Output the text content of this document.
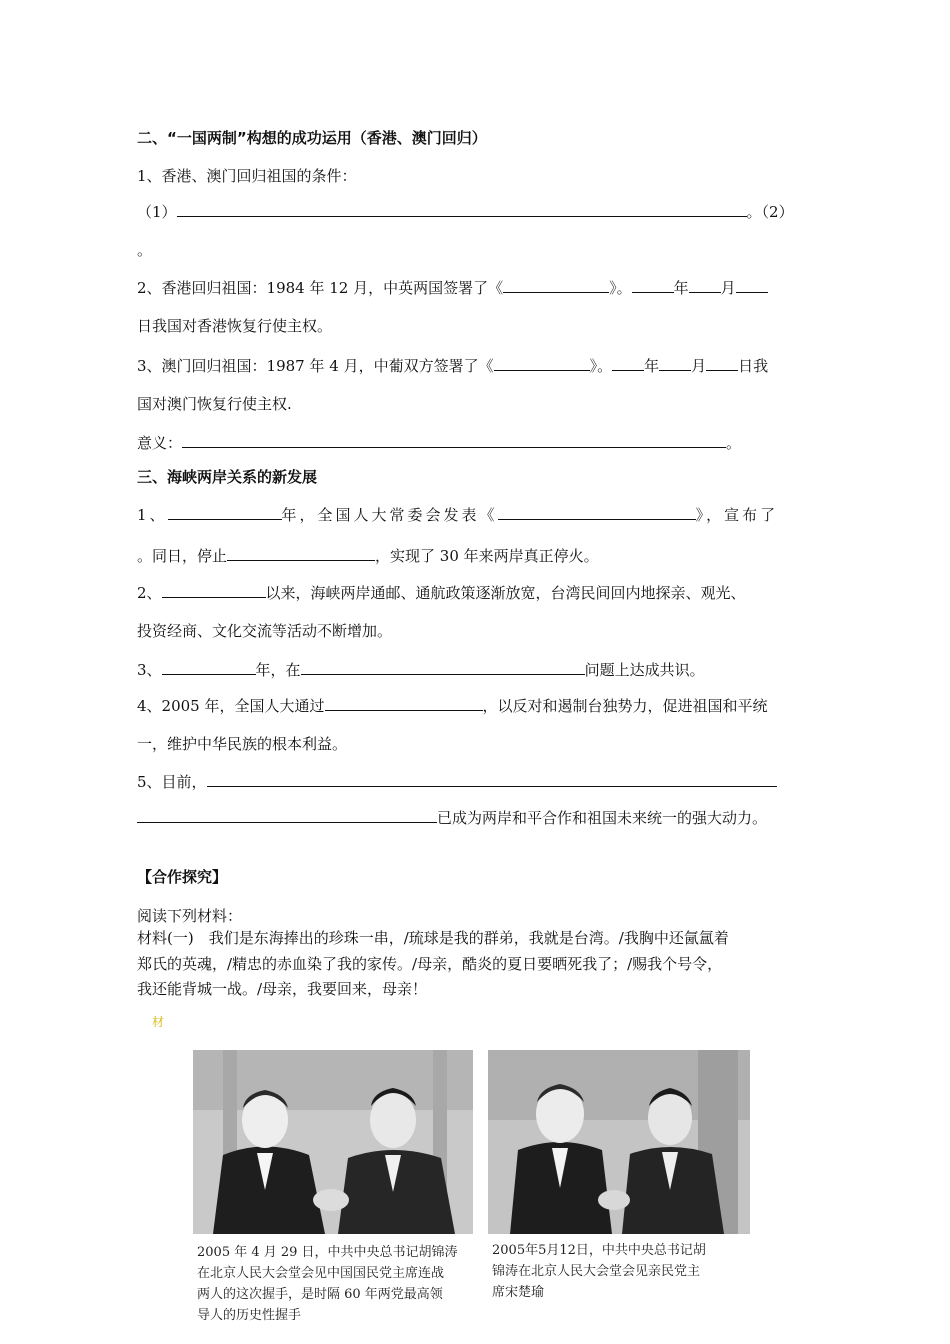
二、“一国两制”构想的成功运用（香港、澳门回归）
1、香港、澳门回归祖国的条件：
（1）	。（2）
。
2、香港回归祖国：1984 年 12 月，中英两国签署了《	》。	年 月
日我国对香港恢复行使主权。
3、澳门回归祖国：1987 年 4 月，中葡双方签署了《	》。 年 月 日我
国对澳门恢复行使主权.
意义：	。
三、海峡两岸关系的新发展
1、	年，全国人大常委会发表《	》，宣布了
。同日，停止	，实现了 30 年来两岸真正停火。
2、	以来，海峡两岸通邮、通航政策逐渐放宽，台湾民间回内地探亲、观光、
投资经商、文化交流等活动不断增加。
3、	年，在	问题上达成共识。
4、2005 年，全国人大通过	，以反对和遏制台独势力，促进祖国和平统
一，维护中华民族的根本利益。
5、目前，
已成为两岸和平合作和祖国未来统一的强大动力。
【合作探究】
阅读下列材料：
材料(一)　我们是东海捧出的珍珠一串，/琉球是我的群弟，我就是台湾。/我胸中还氤氲着
郑氏的英魂，/精忠的赤血染了我的家传。/母亲，酷炎的夏日要晒死我了；/赐我个号令，
我还能背城一战。/母亲，我要回来，母亲！
材
2005 年 4 月 29 日，中共中央总书记胡锦涛
在北京人民大会堂会见中国国民党主席连战
两人的这次握手，是时隔 60 年两党最高领
导人的历史性握手
2005年5月12日，中共中央总书记胡
锦涛在北京人民大会堂会见亲民党主
席宋楚瑜
